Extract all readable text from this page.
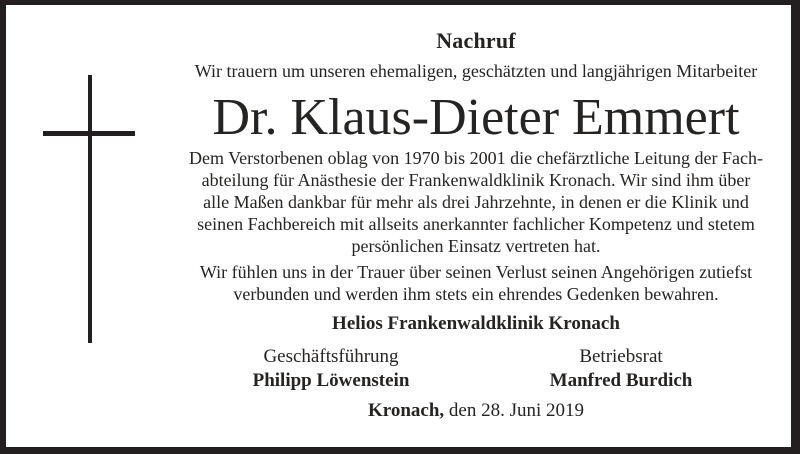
Nachruf
Wir trauern um unseren ehemaligen, geschätzten und langjährigen Mitarbeiter
Dr. Klaus-Dieter Emmert
Dem Verstorbenen oblag von 1970 bis 2001 die chefärztliche Leitung der Fach-
abteilung für Anästhesie der Frankenwaldklinik Kronach. Wir sind ihm über
alle Maßen dankbar für mehr als drei Jahrzehnte, in denen er die Klinik und
seinen Fachbereich mit allseits anerkannter fachlicher Kompetenz und stetem
persönlichen Einsatz vertreten hat.
Wir fühlen uns in der Trauer über seinen Verlust seinen Angehörigen zutiefst
verbunden und werden ihm stets ein ehrendes Gedenken bewahren.
Helios Frankenwaldklinik Kronach
Geschäftsführung
Philipp Löwenstein
Betriebsrat
Manfred Burdich
Kronach, den 28. Juni 2019
